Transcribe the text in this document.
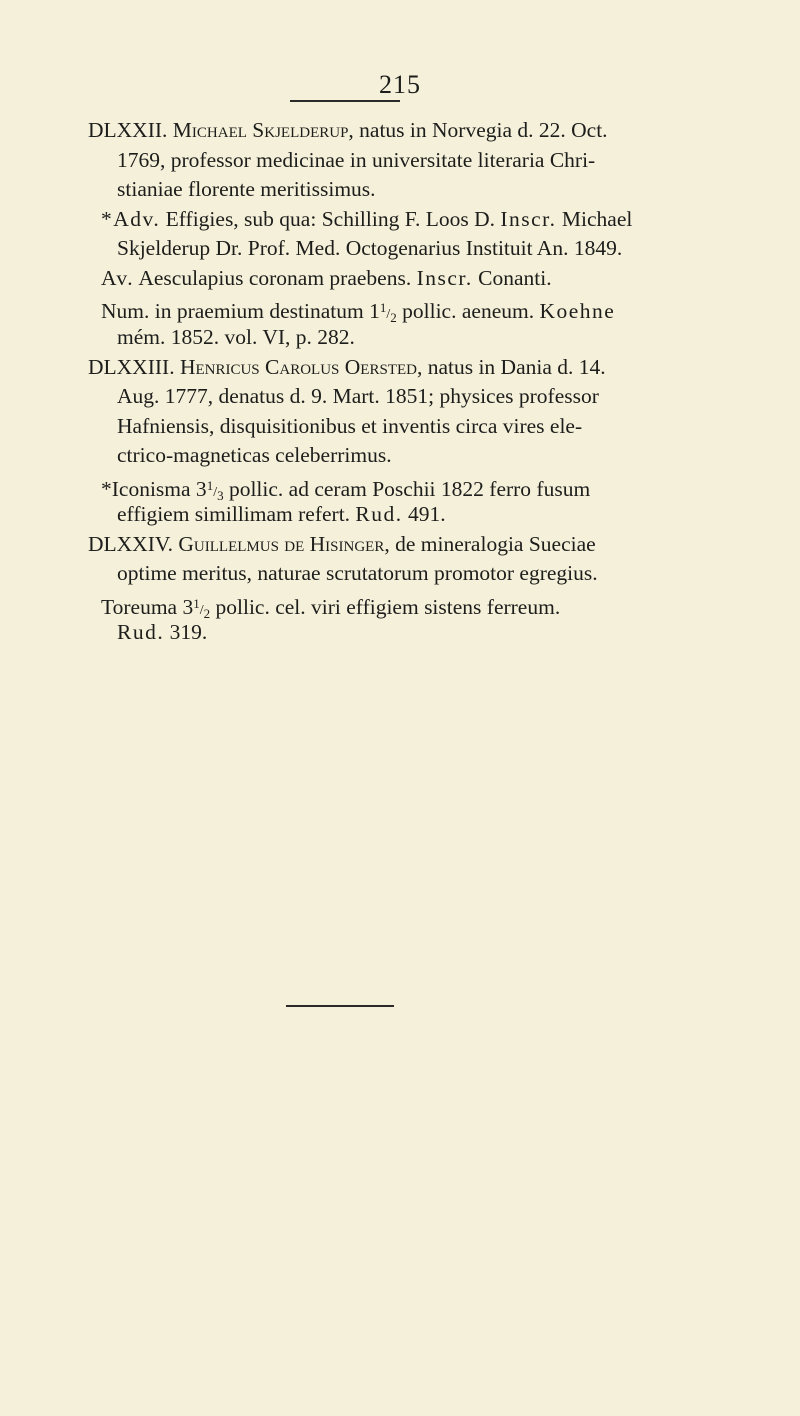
215
DLXXII. Michael Skjelderup, natus in Norvegia d. 22. Oct.
1769, professor medicinae in universitate literaria Chri-
stianiae florente meritissimus.
*Adv. Effigies, sub qua: Schilling F. Loos D. Inscr. Michael
Skjelderup Dr. Prof. Med. Octogenarius Instituit An. 1849.
Av. Aesculapius coronam praebens. Inscr. Conanti.
Num. in praemium destinatum $1^1/_2$ pollic. aeneum. Koehne
mém. 1852. vol. VI, p. 282.
DLXXIII. Henricus Carolus Oersted, natus in Dania d. 14.
Aug. 1777, denatus d. 9. Mart. 1851; physices professor
Hafniensis, disquisitionibus et inventis circa vires ele-
ctrico-magneticas celeberrimus.
*Iconisma $3^1/_3$ pollic. ad ceram Poschii 1822 ferro fusum
effigiem simillimam refert. Rud. 491.
DLXXIV. Guillelmus de Hisinger, de mineralogia Sueciae
optime meritus, naturae scrutatorum promotor egregius.
Toreuma $3^1/_2$ pollic. cel. viri effigiem sistens ferreum.
Rud. 319.
